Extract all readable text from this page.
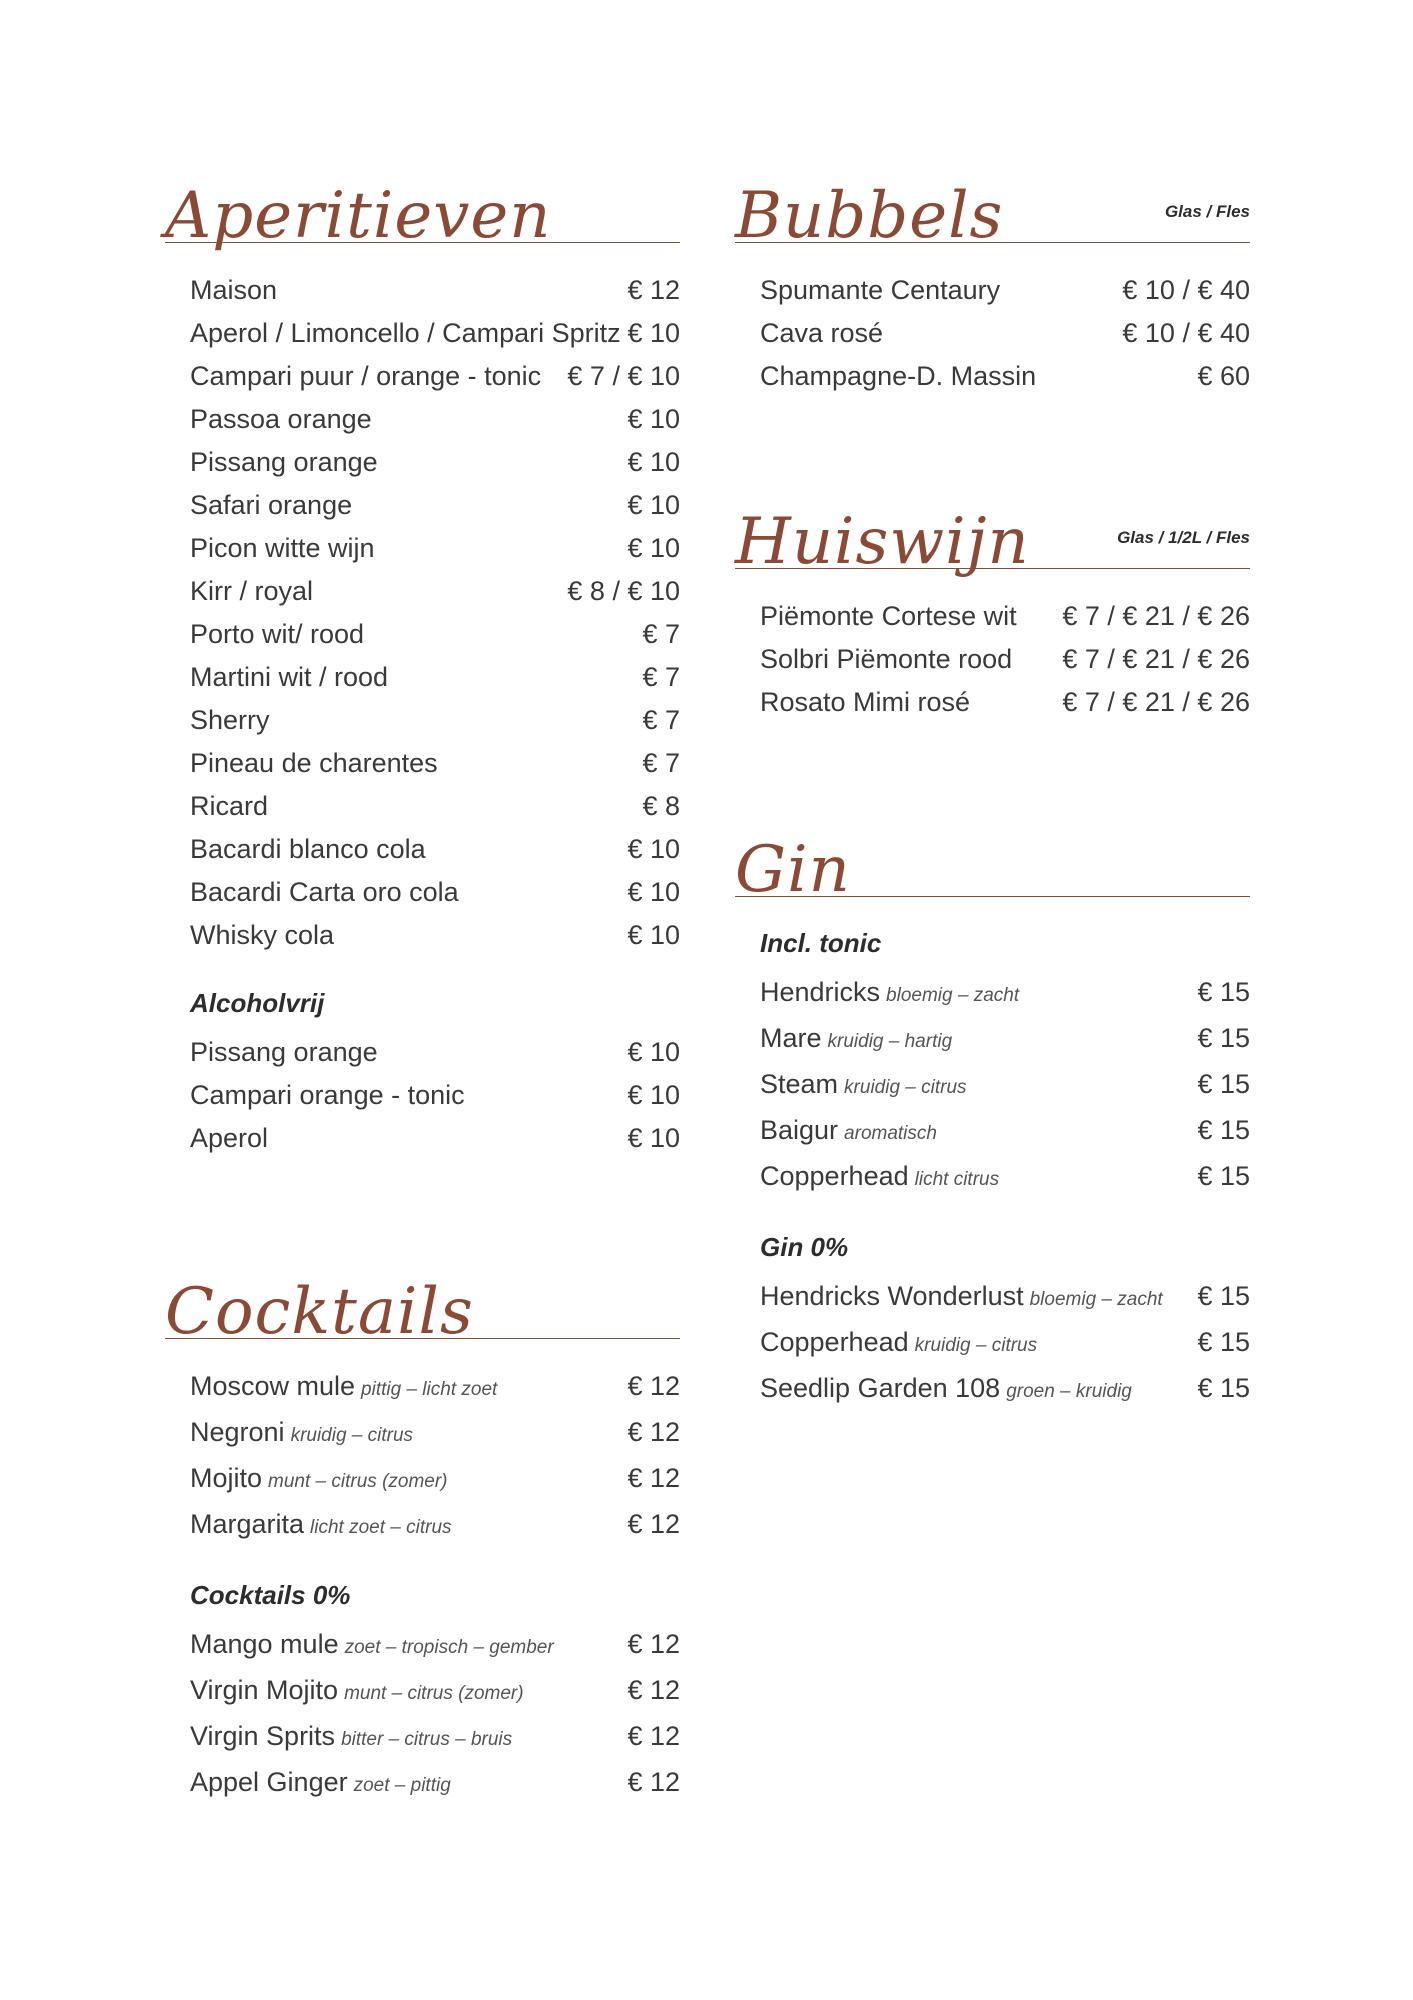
Aperitieven
Maison	€ 12
Aperol / Limoncello / Campari Spritz € 10
Campari puur / orange - tonic € 7 / € 10
Passoa orange	€ 10
Pissang orange	€ 10
Safari orange	€ 10
Picon witte wijn	€ 10
Kirr / royal	€ 8 / € 10
Porto wit/ rood	€ 7
Martini wit / rood	€ 7
Sherry	€ 7
Pineau de charentes	€ 7
Ricard	€ 8
Bacardi blanco cola	€ 10
Bacardi Carta oro cola	€ 10
Whisky cola	€ 10
Alcoholvrij
Pissang orange	€ 10
Campari orange - tonic	€ 10
Aperol	€ 10
Cocktails
Moscow mule pittig – licht zoet	€ 12
Negroni kruidig – citrus	€ 12
Mojito munt – citrus (zomer)	€ 12
Margarita licht zoet – citrus	€ 12
Cocktails 0%
Mango mule zoet – tropisch – gember	€ 12
Virgin Mojito munt – citrus (zomer)	€ 12
Virgin Sprits bitter – citrus – bruis	€ 12
Appel Ginger zoet – pittig	€ 12
Bubbels	Glas / Fles
Spumante Centaury	€ 10 / € 40
Cava rosé	€ 10 / € 40
Champagne-D. Massin	€ 60
Huiswijn	Glas / 1/2L / Fles
Piëmonte Cortese wit € 7 / € 21 / € 26
Solbri Piëmonte rood € 7 / € 21 / € 26
Rosato Mimi rosé	€ 7 / € 21 / € 26
Gin
Incl. tonic
Hendricks bloemig – zacht	€ 15
Mare kruidig – hartig	€ 15
Steam kruidig – citrus	€ 15
Baigur aromatisch	€ 15
Copperhead licht citrus	€ 15
Gin 0%
Hendricks Wonderlust bloemig – zacht € 15
Copperhead kruidig – citrus	€ 15
Seedlip Garden 108 groen – kruidig € 15
